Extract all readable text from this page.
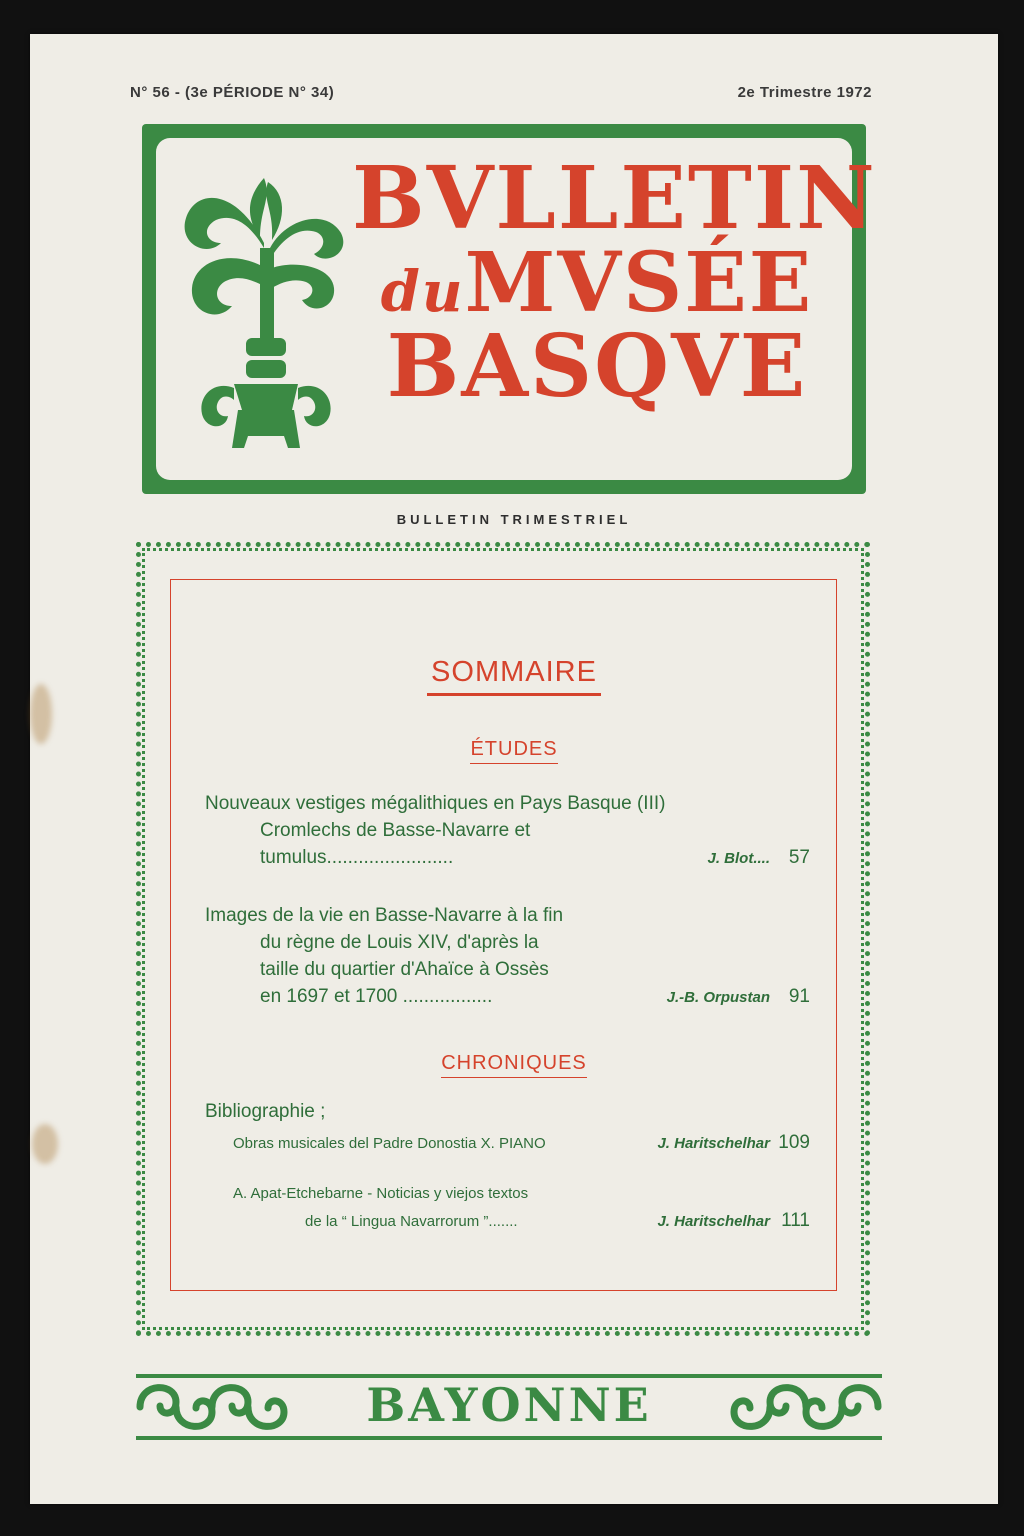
N° 56 - (3e PÉRIODE N° 34)	2e Trimestre 1972
BVLLETIN
duMVSÉE
BASQVE
BULLETIN TRIMESTRIEL
SOMMAIRE
ÉTUDES
Nouveaux vestiges mégalithiques en Pays Basque (III)
Cromlechs de Basse-Navarre et
tumulus........................	J. Blot.... 57
Images de la vie en Basse-Navarre à la fin
du règne de Louis XIV, d'après la
taille du quartier d'Ahaïce à Ossès
en 1697 et 1700 .................	J.-B. Orpustan 91
CHRONIQUES
Bibliographie ;
Obras musicales del Padre Donostia X. PIANO	J. Haritschelhar 109
A. Apat-Etchebarne - Noticias y viejos textos
de la “ Lingua Navarrorum ”.......	J. Haritschelhar 111
BAYONNE
